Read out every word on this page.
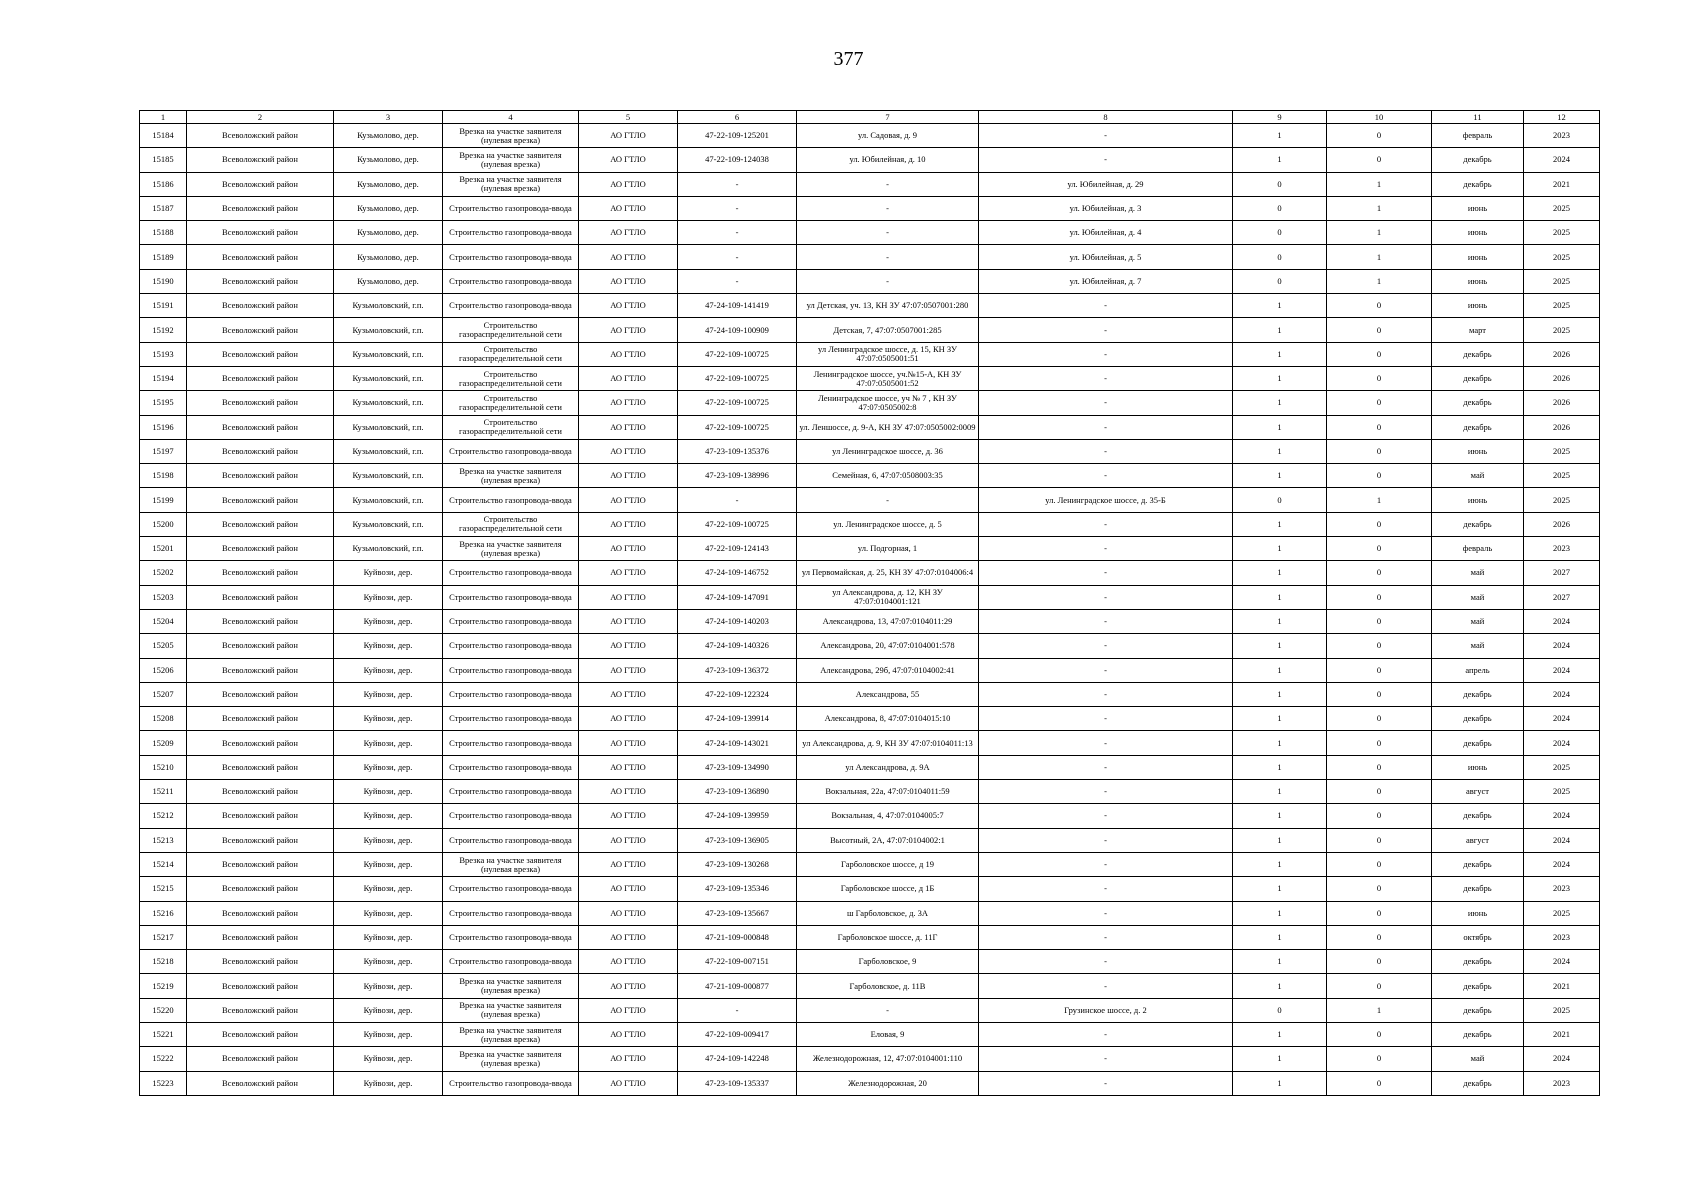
377
1	2	3	4	5	6	7	8	9	10	11	12
15184	Всеволожский район	Кузьмолово, дер.	Врезка на участке заявителя (нулевая врезка)	АО ГТЛО	47-22-109-125201	ул. Садовая, д. 9	-	1	0	февраль	2023
15185	Всеволожский район	Кузьмолово, дер.	Врезка на участке заявителя (нулевая врезка)	АО ГТЛО	47-22-109-124038	ул. Юбилейная, д. 10	-	1	0	декабрь	2024
15186	Всеволожский район	Кузьмолово, дер.	Врезка на участке заявителя (нулевая врезка)	АО ГТЛО	-	-	ул. Юбилейная, д. 29	0	1	декабрь	2021
15187	Всеволожский район	Кузьмолово, дер.	Строительство газопровода-ввода	АО ГТЛО	-	-	ул. Юбилейная, д. 3	0	1	июнь	2025
15188	Всеволожский район	Кузьмолово, дер.	Строительство газопровода-ввода	АО ГТЛО	-	-	ул. Юбилейная, д. 4	0	1	июнь	2025
15189	Всеволожский район	Кузьмолово, дер.	Строительство газопровода-ввода	АО ГТЛО	-	-	ул. Юбилейная, д. 5	0	1	июнь	2025
15190	Всеволожский район	Кузьмолово, дер.	Строительство газопровода-ввода	АО ГТЛО	-	-	ул. Юбилейная, д. 7	0	1	июнь	2025
15191	Всеволожский район	Кузьмоловский, г.п.	Строительство газопровода-ввода	АО ГТЛО	47-24-109-141419	ул Детская, уч. 13, КН ЗУ 47:07:0507001:280	-	1	0	июнь	2025
15192	Всеволожский район	Кузьмоловский, г.п.	Строительство газораспределительной сети	АО ГТЛО	47-24-109-100909	Детская, 7, 47:07:0507001:285	-	1	0	март	2025
15193	Всеволожский район	Кузьмоловский, г.п.	Строительство газораспределительной сети	АО ГТЛО	47-22-109-100725	ул Ленинградское шоссе, д. 15, КН ЗУ 47:07:0505001:51	-	1	0	декабрь	2026
15194	Всеволожский район	Кузьмоловский, г.п.	Строительство газораспределительной сети	АО ГТЛО	47-22-109-100725	Ленинградское шоссе, уч.№15-А, КН ЗУ 47:07:0505001:52	-	1	0	декабрь	2026
15195	Всеволожский район	Кузьмоловский, г.п.	Строительство газораспределительной сети	АО ГТЛО	47-22-109-100725	Ленинградское шоссе, уч № 7 , КН ЗУ 47:07:0505002:8	-	1	0	декабрь	2026
15196	Всеволожский район	Кузьмоловский, г.п.	Строительство газораспределительной сети	АО ГТЛО	47-22-109-100725	ул. Леншоссе, д. 9-А, КН ЗУ 47:07:0505002:0009	-	1	0	декабрь	2026
15197	Всеволожский район	Кузьмоловский, г.п.	Строительство газопровода-ввода	АО ГТЛО	47-23-109-135376	ул Ленинградское шоссе, д. 36	-	1	0	июнь	2025
15198	Всеволожский район	Кузьмоловский, г.п.	Врезка на участке заявителя (нулевая врезка)	АО ГТЛО	47-23-109-138996	Семейная, 6, 47:07:0508003:35	-	1	0	май	2025
15199	Всеволожский район	Кузьмоловский, г.п.	Строительство газопровода-ввода	АО ГТЛО	-	-	ул. Ленинградское шоссе, д. 35-Б	0	1	июнь	2025
15200	Всеволожский район	Кузьмоловский, г.п.	Строительство газораспределительной сети	АО ГТЛО	47-22-109-100725	ул. Ленинградское шоссе, д. 5	-	1	0	декабрь	2026
15201	Всеволожский район	Кузьмоловский, г.п.	Врезка на участке заявителя (нулевая врезка)	АО ГТЛО	47-22-109-124143	ул. Подгорная, 1	-	1	0	февраль	2023
15202	Всеволожский район	Куйвози, дер.	Строительство газопровода-ввода	АО ГТЛО	47-24-109-146752	ул Первомайская, д. 25, КН ЗУ 47:07:0104006:4	-	1	0	май	2027
15203	Всеволожский район	Куйвози, дер.	Строительство газопровода-ввода	АО ГТЛО	47-24-109-147091	ул Александрова, д. 12, КН ЗУ 47:07:0104001:121	-	1	0	май	2027
15204	Всеволожский район	Куйвози, дер.	Строительство газопровода-ввода	АО ГТЛО	47-24-109-140203	Александрова, 13, 47:07:0104011:29	-	1	0	май	2024
15205	Всеволожский район	Куйвози, дер.	Строительство газопровода-ввода	АО ГТЛО	47-24-109-140326	Александрова, 20, 47:07:0104001:578	-	1	0	май	2024
15206	Всеволожский район	Куйвози, дер.	Строительство газопровода-ввода	АО ГТЛО	47-23-109-136372	Александрова, 29б, 47:07:0104002:41	-	1	0	апрель	2024
15207	Всеволожский район	Куйвози, дер.	Строительство газопровода-ввода	АО ГТЛО	47-22-109-122324	Александрова, 55	-	1	0	декабрь	2024
15208	Всеволожский район	Куйвози, дер.	Строительство газопровода-ввода	АО ГТЛО	47-24-109-139914	Александрова, 8, 47:07:0104015:10	-	1	0	декабрь	2024
15209	Всеволожский район	Куйвози, дер.	Строительство газопровода-ввода	АО ГТЛО	47-24-109-143021	ул Александрова, д. 9, КН ЗУ 47:07:0104011:13	-	1	0	декабрь	2024
15210	Всеволожский район	Куйвози, дер.	Строительство газопровода-ввода	АО ГТЛО	47-23-109-134990	ул Александрова, д. 9А	-	1	0	июнь	2025
15211	Всеволожский район	Куйвози, дер.	Строительство газопровода-ввода	АО ГТЛО	47-23-109-136890	Вокзальная, 22а, 47:07:0104011:59	-	1	0	август	2025
15212	Всеволожский район	Куйвози, дер.	Строительство газопровода-ввода	АО ГТЛО	47-24-109-139959	Вокзальная, 4, 47:07:0104005:7	-	1	0	декабрь	2024
15213	Всеволожский район	Куйвози, дер.	Строительство газопровода-ввода	АО ГТЛО	47-23-109-136905	Высотный, 2А, 47:07:0104002:1	-	1	0	август	2024
15214	Всеволожский район	Куйвози, дер.	Врезка на участке заявителя (нулевая врезка)	АО ГТЛО	47-23-109-130268	Гарболовское шоссе, д 19	-	1	0	декабрь	2024
15215	Всеволожский район	Куйвози, дер.	Строительство газопровода-ввода	АО ГТЛО	47-23-109-135346	Гарболовское шоссе, д 1Б	-	1	0	декабрь	2023
15216	Всеволожский район	Куйвози, дер.	Строительство газопровода-ввода	АО ГТЛО	47-23-109-135667	ш Гарболовское, д. 3А	-	1	0	июнь	2025
15217	Всеволожский район	Куйвози, дер.	Строительство газопровода-ввода	АО ГТЛО	47-21-109-000848	Гарболовское шоссе, д. 11Г	-	1	0	октябрь	2023
15218	Всеволожский район	Куйвози, дер.	Строительство газопровода-ввода	АО ГТЛО	47-22-109-007151	Гарболовское, 9	-	1	0	декабрь	2024
15219	Всеволожский район	Куйвози, дер.	Врезка на участке заявителя (нулевая врезка)	АО ГТЛО	47-21-109-000877	Гарболовское, д. 11В	-	1	0	декабрь	2021
15220	Всеволожский район	Куйвози, дер.	Врезка на участке заявителя (нулевая врезка)	АО ГТЛО	-	-	Грузинское шоссе, д. 2	0	1	декабрь	2025
15221	Всеволожский район	Куйвози, дер.	Врезка на участке заявителя (нулевая врезка)	АО ГТЛО	47-22-109-009417	Еловая, 9	-	1	0	декабрь	2021
15222	Всеволожский район	Куйвози, дер.	Врезка на участке заявителя (нулевая врезка)	АО ГТЛО	47-24-109-142248	Железнодорожная, 12, 47:07:0104001:110	-	1	0	май	2024
15223	Всеволожский район	Куйвози, дер.	Строительство газопровода-ввода	АО ГТЛО	47-23-109-135337	Железнодорожная, 20	-	1	0	декабрь	2023
